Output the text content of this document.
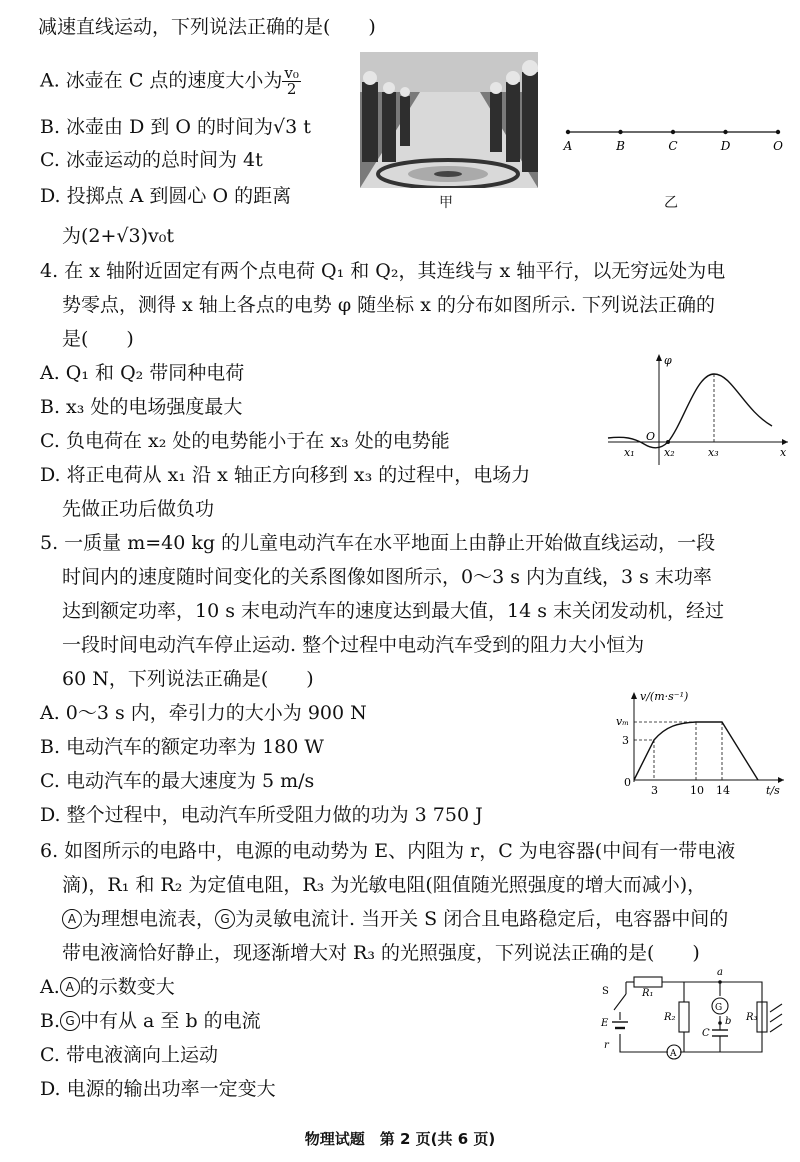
减速直线运动，下列说法正确的是(　　)
A. 冰壶在 C 点的速度大小为 $\frac{\text{v₀}}{2}$
B. 冰壶由 D 到 O 的时间为√3 t
C. 冰壶运动的总时间为 4t
D. 投掷点 A 到圆心 O 的距离
为(2+√3)v₀t
甲
A	B	C	D	O
乙
4. 在 x 轴附近固定有两个点电荷 Q₁ 和 Q₂，其连线与 x 轴平行，以无穷远处为电
势零点，测得 x 轴上各点的电势 φ 随坐标 x 的分布如图所示. 下列说法正确的
是(　　)
A. Q₁ 和 Q₂ 带同种电荷
B. x₃ 处的电场强度最大
C. 负电荷在 x₂ 处的电势能小于在 x₃ 处的电势能
D. 将正电荷从 x₁ 沿 x 轴正方向移到 x₃ 的过程中，电场力
先做正功后做负功
φ
O
x₁	x₂	x₃	x
5. 一质量 m=40 kg 的儿童电动汽车在水平地面上由静止开始做直线运动，一段
时间内的速度随时间变化的关系图像如图所示，0～3 s 内为直线，3 s 末功率
达到额定功率，10 s 末电动汽车的速度达到最大值，14 s 末关闭发动机，经过
一段时间电动汽车停止运动. 整个过程中电动汽车受到的阻力大小恒为
60 N，下列说法正确是(　　)
A. 0～3 s 内，牵引力的大小为 900 N
B. 电动汽车的额定功率为 180 W
C. 电动汽车的最大速度为 5 m/s
D. 整个过程中，电动汽车所受阻力做的功为 3 750 J
v/(m·s⁻¹)
vₘ
3
0
3	10 14	t/s
6. 如图所示的电路中，电源的电动势为 E、内阻为 r，C 为电容器(中间有一带电液
滴)，R₁ 和 R₂ 为定值电阻，R₃ 为光敏电阻(阻值随光照强度的增大而减小)，
A 为理想电流表， G 为灵敏电流计. 当开关 S 闭合且电路稳定后，电容器中间的
带电液滴恰好静止，现逐渐增大对 R₃ 的光照强度，下列说法正确的是(　　)
A. A 的示数变大
B. G 中有从 a 至 b 的电流
C. 带电液滴向上运动
D. 电源的输出功率一定变大
S
E
r
R₁
R₂	R₃
C
a
b
G
A
物理试题　第 2 页(共 6 页)
